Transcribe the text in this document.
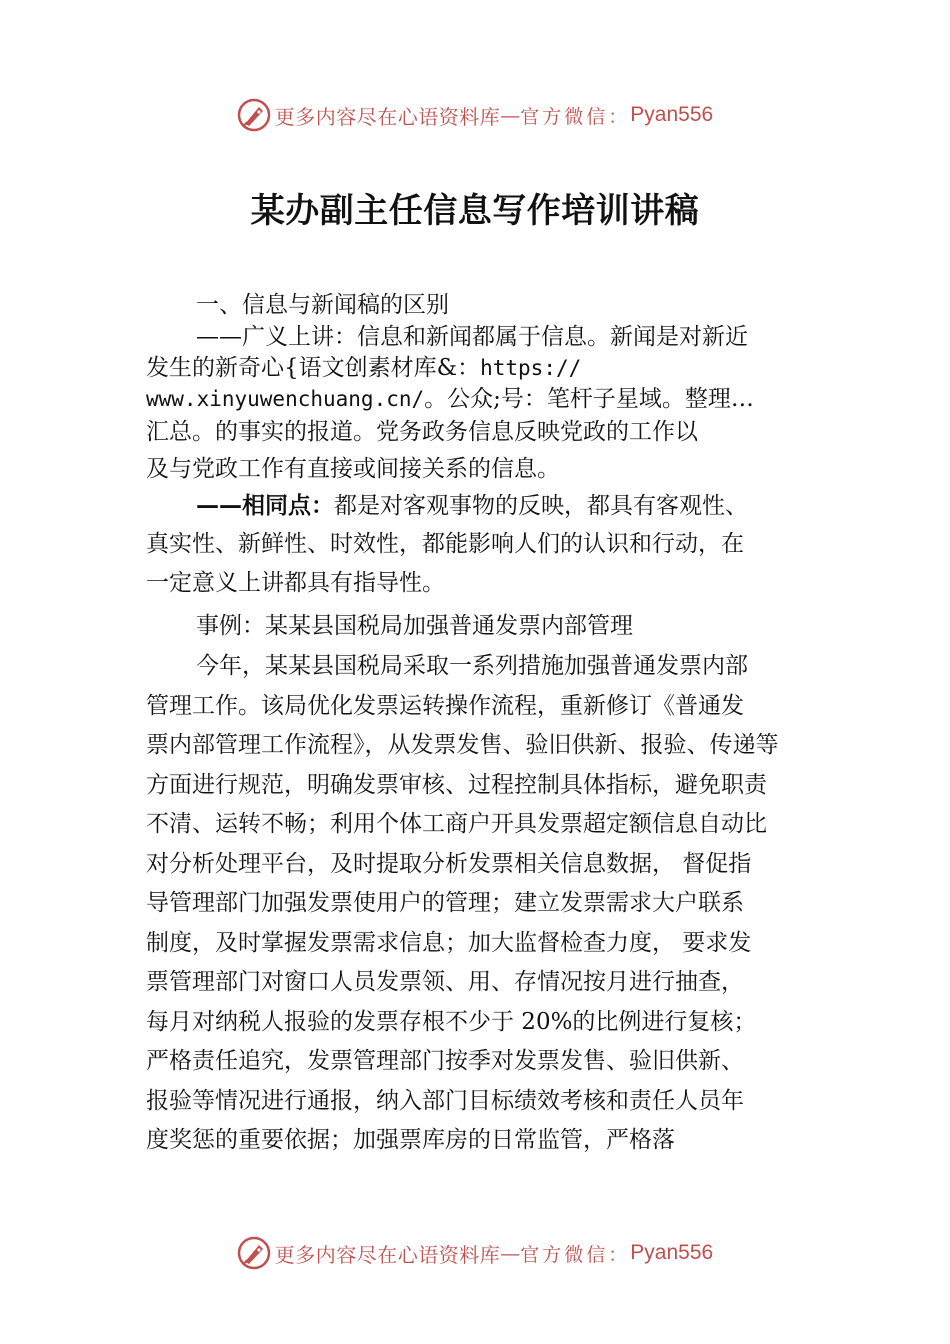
更多内容尽在心语资料库 — 官方微信： Pyan556
某办副主任信息写作培训讲稿
一、信息与新闻稿的区别
——广义上讲：信息和新闻都属于信息。新闻是对新近
发生的新奇心{语文创素材库&：https://
www.xinyuwenchuang.cn/。公众;号：笔杆子星域。整理…
汇总。的事实的报道。党务政务信息反映党政的工作以
及与党政工作有直接或间接关系的信息。
——相同点：都是对客观事物的反映，都具有客观性、
真实性、新鲜性、时效性，都能影响人们的认识和行动，在
一定意义上讲都具有指导性。
事例：某某县国税局加强普通发票内部管理
今年，某某县国税局采取一系列措施加强普通发票内部
管理工作。该局优化发票运转操作流程，重新修订《普通发
票内部管理工作流程》，从发票发售、验旧供新、报验、传递等
方面进行规范，明确发票审核、过程控制具体指标，避免职责
不清、运转不畅；利用个体工商户开具发票超定额信息自动比
对分析处理平台，及时提取分析发票相关信息数据， 督促指
导管理部门加强发票使用户的管理；建立发票需求大户联系
制度，及时掌握发票需求信息；加大监督检查力度， 要求发
票管理部门对窗口人员发票领、用、存情况按月进行抽查，
每月对纳税人报验的发票存根不少于 20%的比例进行复核；
严格责任追究，发票管理部门按季对发票发售、验旧供新、
报验等情况进行通报，纳入部门目标绩效考核和责任人员年
度奖惩的重要依据；加强票库房的日常监管，严格落
更多内容尽在心语资料库 — 官方微信： Pyan556
